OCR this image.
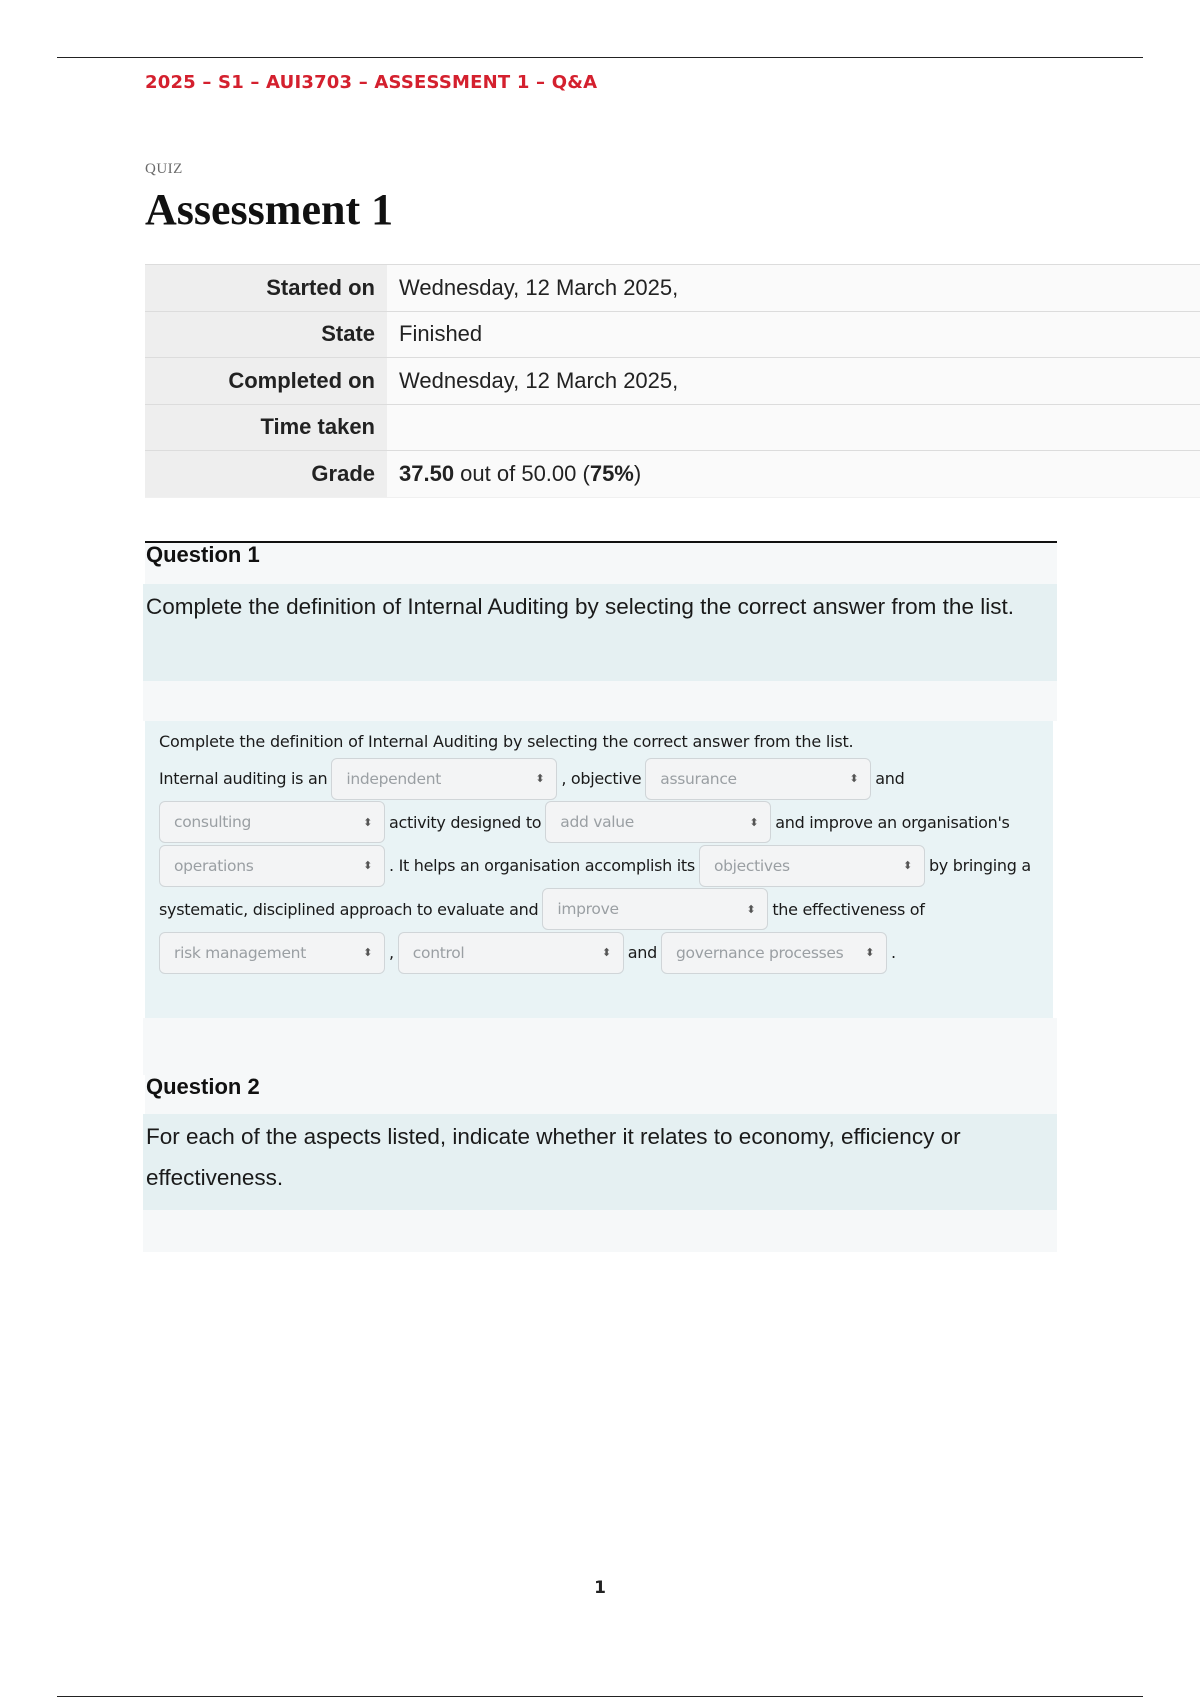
2025 – S1 – AUI3703 – ASSESSMENT 1 – Q&A
QUIZ
Assessment 1
Started on	Wednesday, 12 March 2025,
State	Finished
Completed on	Wednesday, 12 March 2025,
Time taken	
Grade	37.50 out of 50.00 (75%)
Question 1
Complete the definition of Internal Auditing by selecting the correct answer from the list.
Complete the definition of Internal Auditing by selecting the correct answer from the list.
Internal auditing is an independent	⬍ , objective assurance	⬍ and
consulting	⬍ activity designed to add value	⬍ and improve an organisation's
operations	⬍ . It helps an organisation accomplish its objectives	⬍ by bringing a
systematic, disciplined approach to evaluate and improve	⬍ the effectiveness of
risk management	⬍ , control	⬍ and governance processes ⬍ .
Question 2
For each of the aspects listed, indicate whether it relates to economy, efficiency or effectiveness.
1
